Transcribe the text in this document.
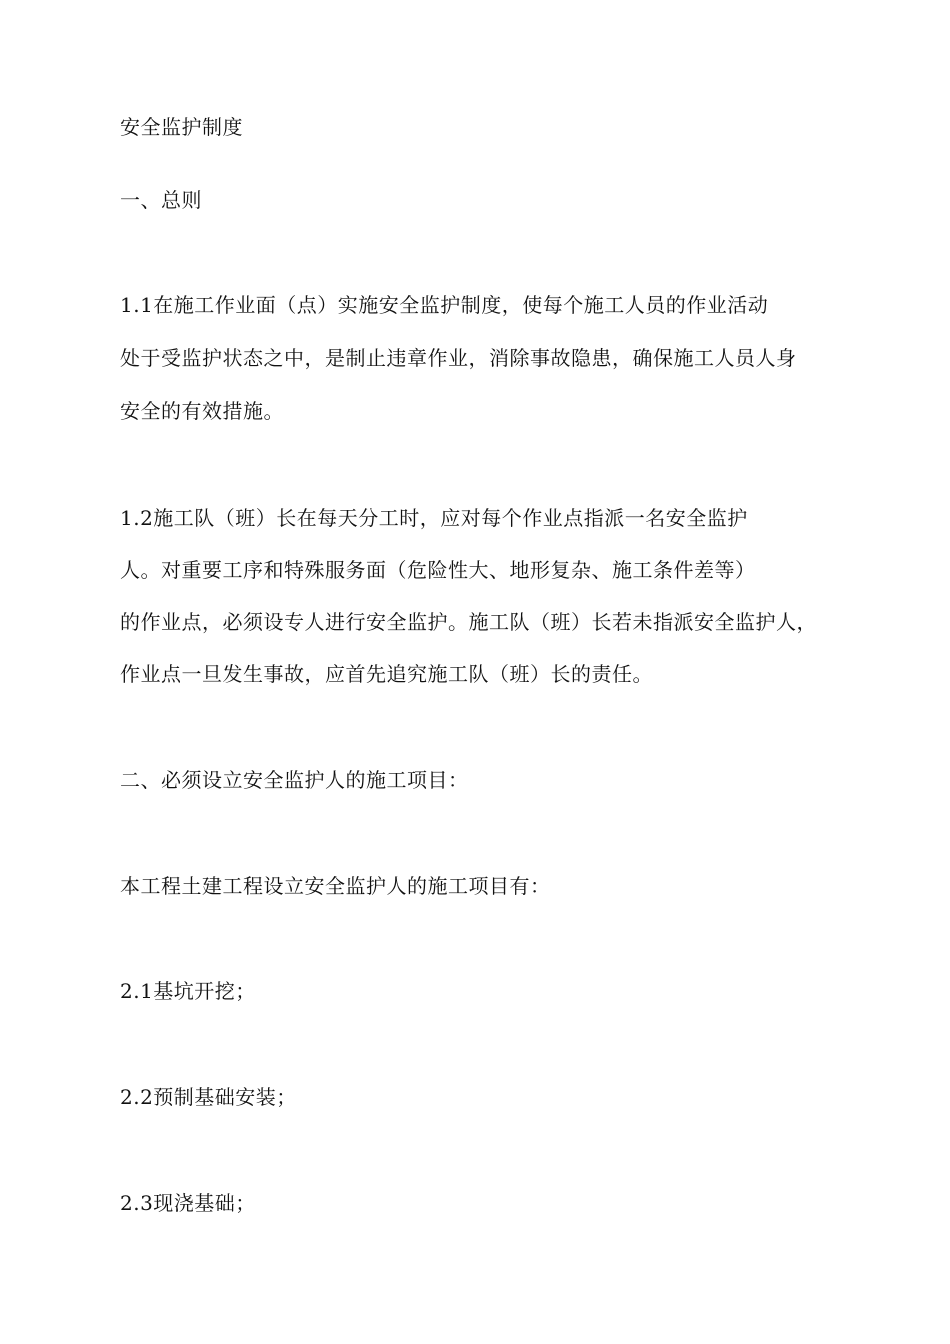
安全监护制度
一、总则
1.1在施工作业面（点）实施安全监护制度，使每个施工人员的作业活动
处于受监护状态之中，是制止违章作业，消除事故隐患，确保施工人员人身
安全的有效措施。
1.2施工队（班）长在每天分工时，应对每个作业点指派一名安全监护
人。对重要工序和特殊服务面（危险性大、地形复杂、施工条件差等）
的作业点，必须设专人进行安全监护。施工队（班）长若未指派安全监护人，
作业点一旦发生事故，应首先追究施工队（班）长的责任。
二、必须设立安全监护人的施工项目：
本工程土建工程设立安全监护人的施工项目有：
2.1基坑开挖；
2.2预制基础安装；
2.3现浇基础；
